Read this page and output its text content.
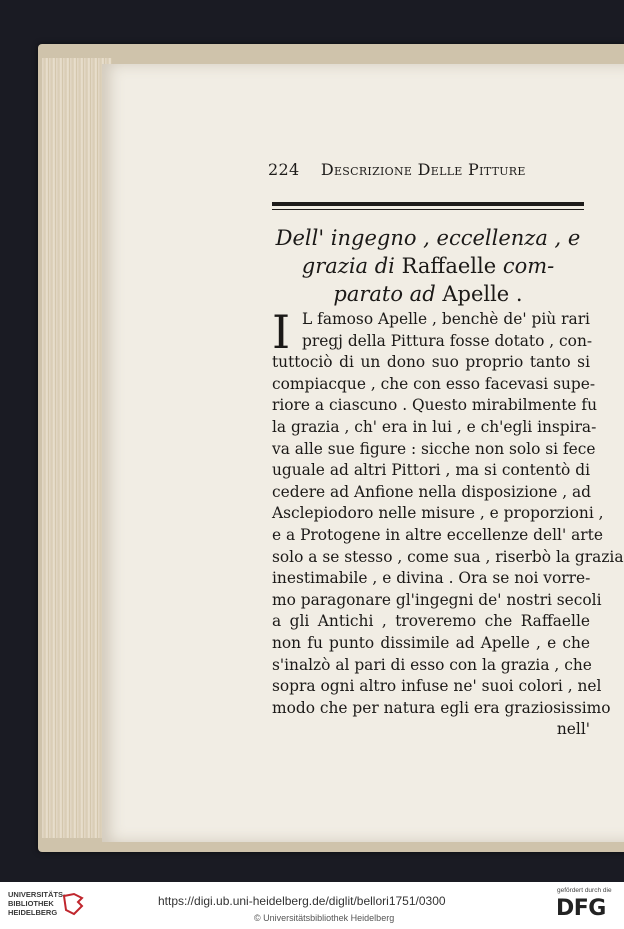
224 Descrizione Delle Pitture
Dell' ingegno , eccellenza , e
grazia di Raffaelle com-
parato ad Apelle .
I L famoso Apelle , benchè de' più rari
pregj della Pittura fosse dotato , con-
tuttociò di un dono suo proprio tanto si
compiacque , che con esso facevasi supe-
riore a ciascuno . Questo mirabilmente fu
la grazia , ch' era in lui , e ch'egli inspira-
va alle sue figure : sicche non solo si fece
uguale ad altri Pittori , ma si contentò di
cedere ad Anfione nella disposizione , ad
Asclepiodoro nelle misure , e proporzioni ,
e a Protogene in altre eccellenze dell' arte
solo a se stesso , come sua , riserbò la grazia
inestimabile , e divina . Ora se noi vorre-
mo paragonare gl'ingegni de' nostri secoli
a gli Antichi , troveremo che Raffaelle
non fu punto dissimile ad Apelle , e che
s'inalzò al pari di esso con la grazia , che
sopra ogni altro infuse ne' suoi colori , nel
modo che per natura egli era graziosissimo
nell'
UNIVERSITÄTS-
BIBLIOTHEK
HEIDELBERG
https://digi.ub.uni-heidelberg.de/diglit/bellori1751/0300
© Universitätsbibliothek Heidelberg
gefördert durch die
DFG
